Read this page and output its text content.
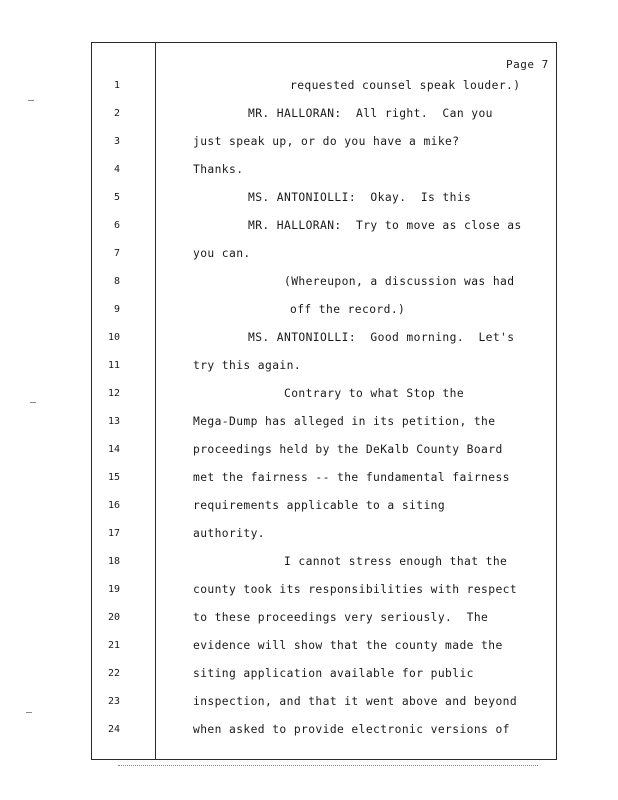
Page 7
1	requested counsel speak louder.)
2	MR. HALLORAN:  All right.  Can you
3	just speak up, or do you have a mike?
4	Thanks.
5	MS. ANTONIOLLI:  Okay.  Is this
6	MR. HALLORAN:  Try to move as close as
7	you can.
8	(Whereupon, a discussion was had
9	off the record.)
10	MS. ANTONIOLLI:  Good morning.  Let's
11	try this again.
12	Contrary to what Stop the
13	Mega-Dump has alleged in its petition, the
14	proceedings held by the DeKalb County Board
15	met the fairness -- the fundamental fairness
16	requirements applicable to a siting
17	authority.
18	I cannot stress enough that the
19	county took its responsibilities with respect
20	to these proceedings very seriously.  The
21	evidence will show that the county made the
22	siting application available for public
23	inspection, and that it went above and beyond
24	when asked to provide electronic versions of
